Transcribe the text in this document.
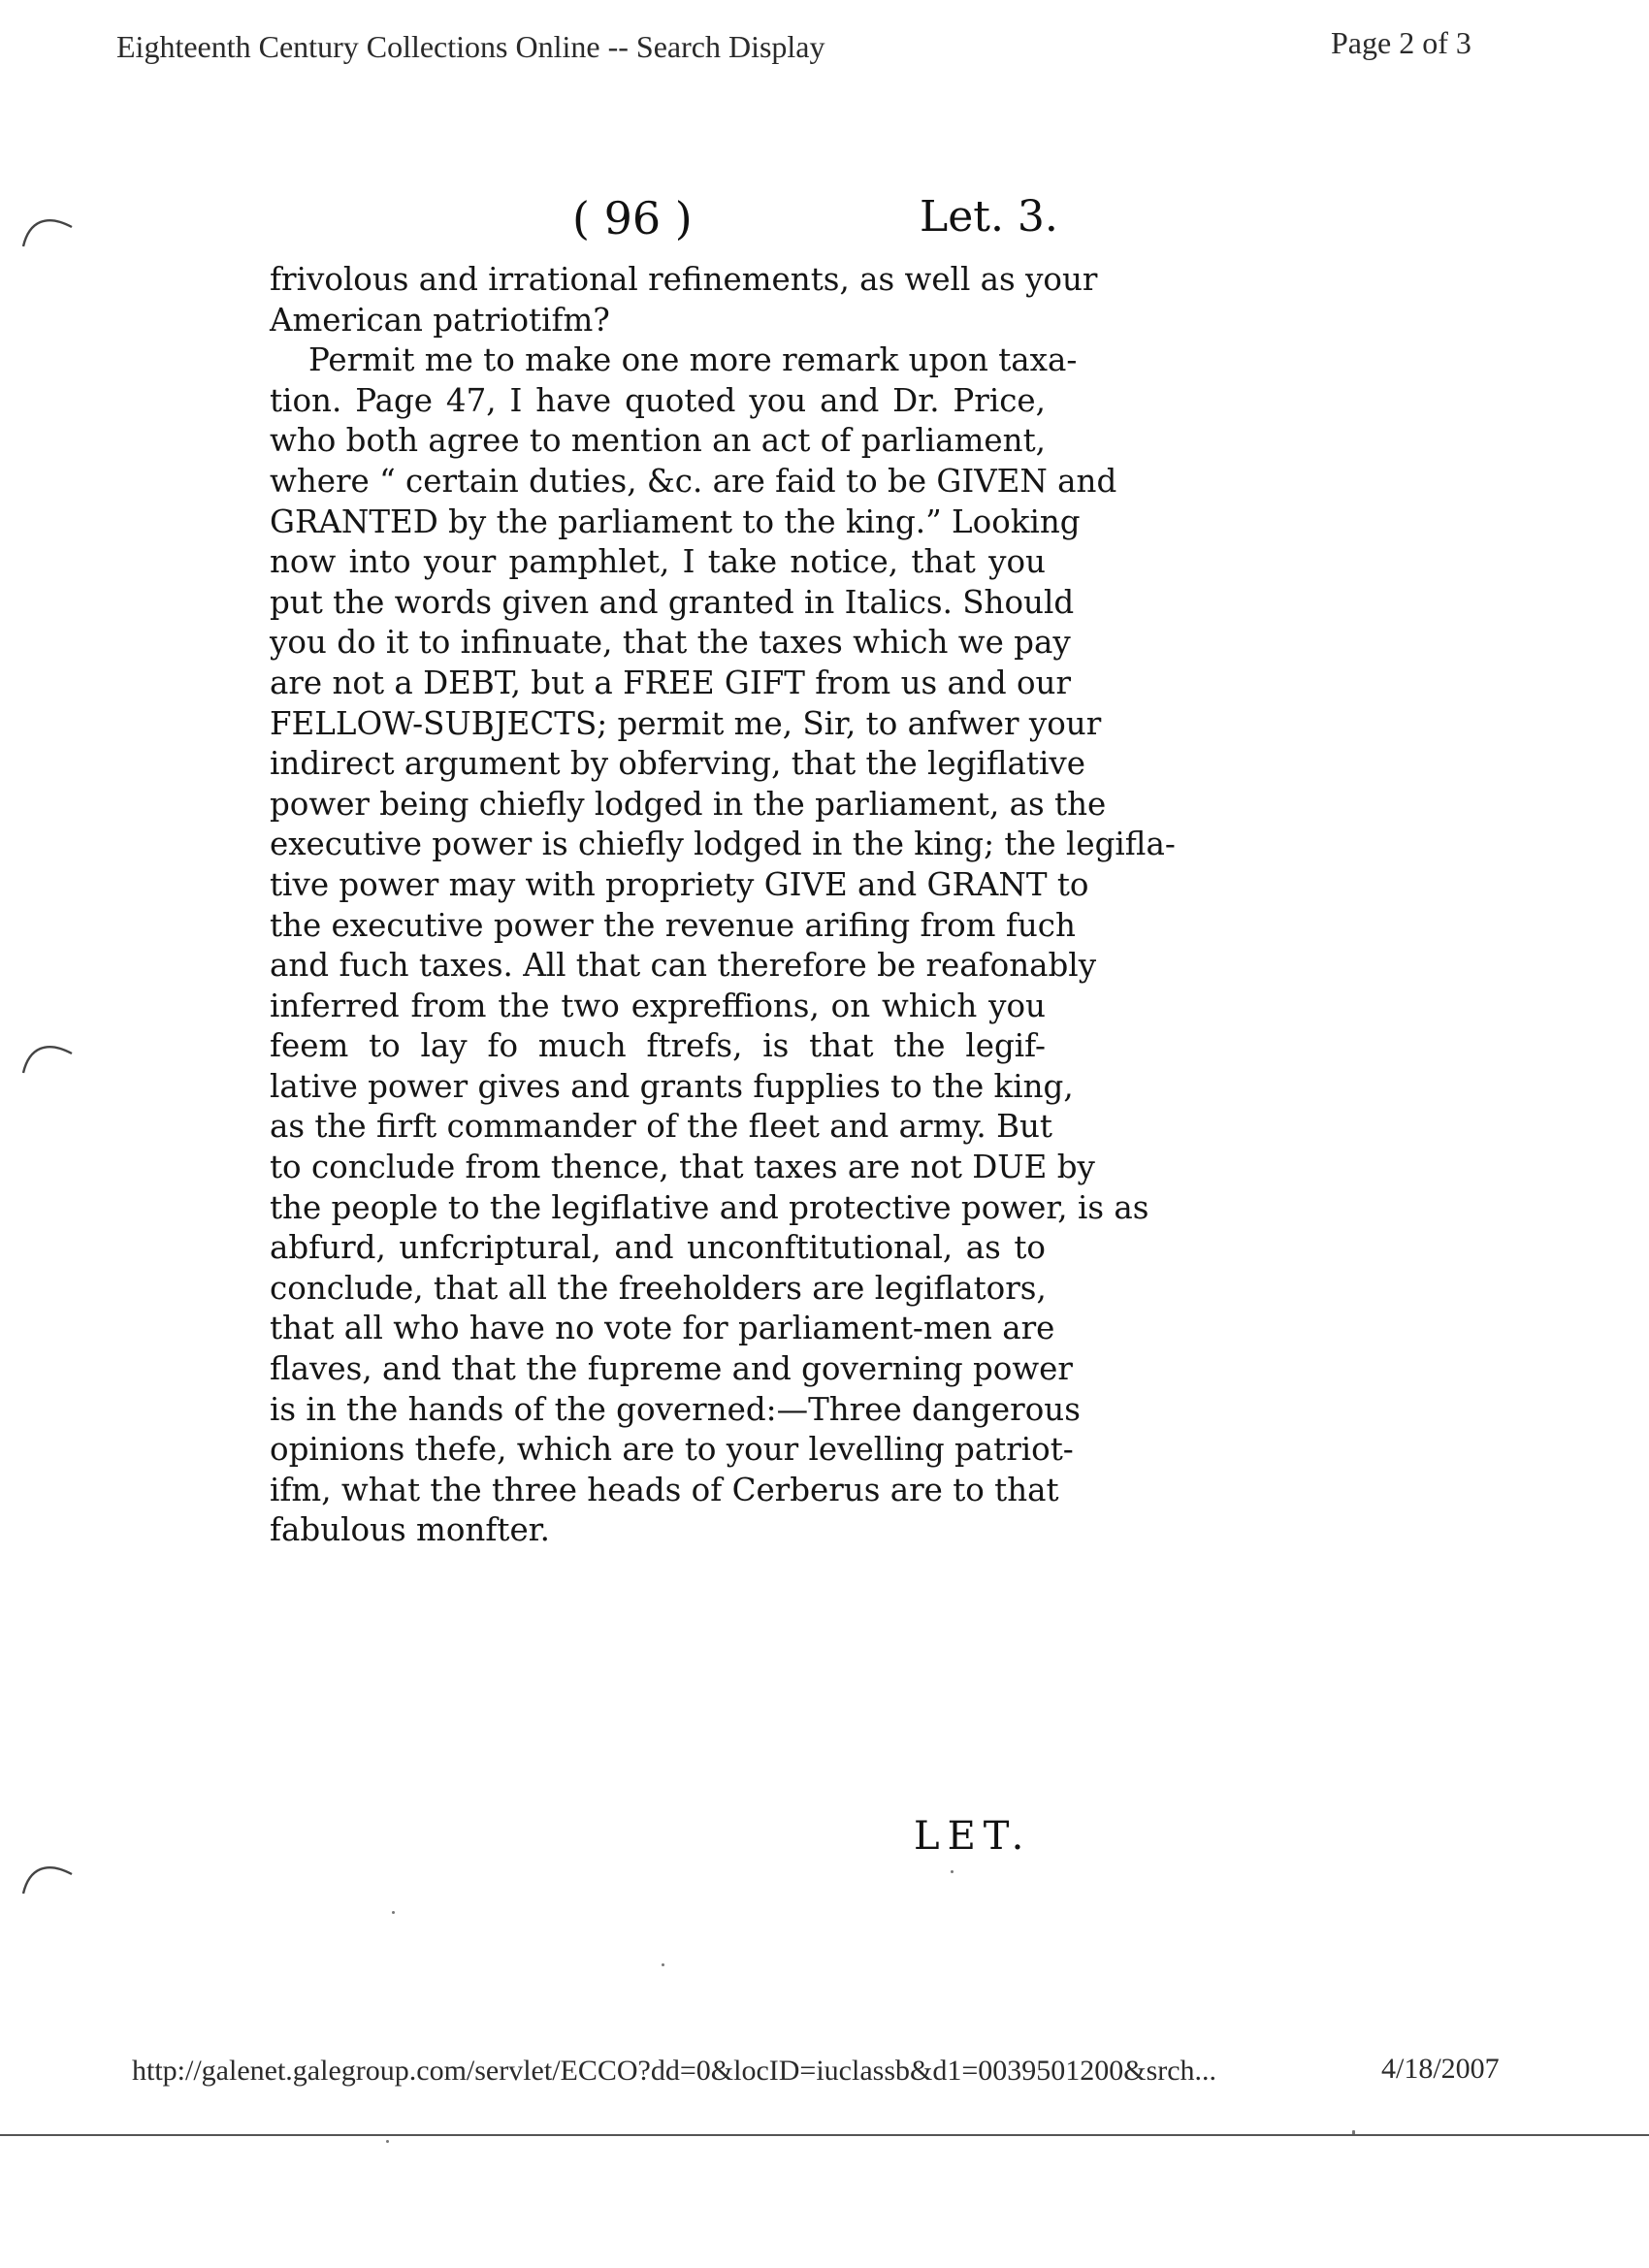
Eighteenth Century Collections Online -- Search Display	Page 2 of 3
( 96 )	Let. 3.
frivolous and irrational refinements, as well as your
American patriotifm?
Permit me to make one more remark upon taxa-
tion. Page 47, I have quoted you and Dr. Price,
who both agree to mention an act of parliament,
where “ certain duties, &c. are faid to be GIVEN and
GRANTED by the parliament to the king.” Looking
now into your pamphlet, I take notice, that you
put the words given and granted in Italics. Should
you do it to infinuate, that the taxes which we pay
are not a DEBT, but a FREE GIFT from us and our
FELLOW-SUBJECTS; permit me, Sir, to anfwer your
indirect argument by obferving, that the legiflative
power being chiefly lodged in the parliament, as the
executive power is chiefly lodged in the king; the legifla-
tive power may with propriety GIVE and GRANT to
the executive power the revenue arifing from fuch
and fuch taxes. All that can therefore be reafonably
inferred from the two expreffions, on which you
feem to lay fo much ftrefs, is that the legif-
lative power gives and grants fupplies to the king,
as the firft commander of the fleet and army. But
to conclude from thence, that taxes are not DUE by
the people to the legiflative and protective power, is as
abfurd, unfcriptural, and unconftitutional, as to
conclude, that all the freeholders are legiflators,
that all who have no vote for parliament-men are
flaves, and that the fupreme and governing power
is in the hands of the governed:—Three dangerous
opinions thefe, which are to your levelling patriot-
ifm, what the three heads of Cerberus are to that
fabulous monfter.
LET.
http://galenet.galegroup.com/servlet/ECCO?dd=0&locID=iuclassb&d1=0039501200&srch...	4/18/2007
